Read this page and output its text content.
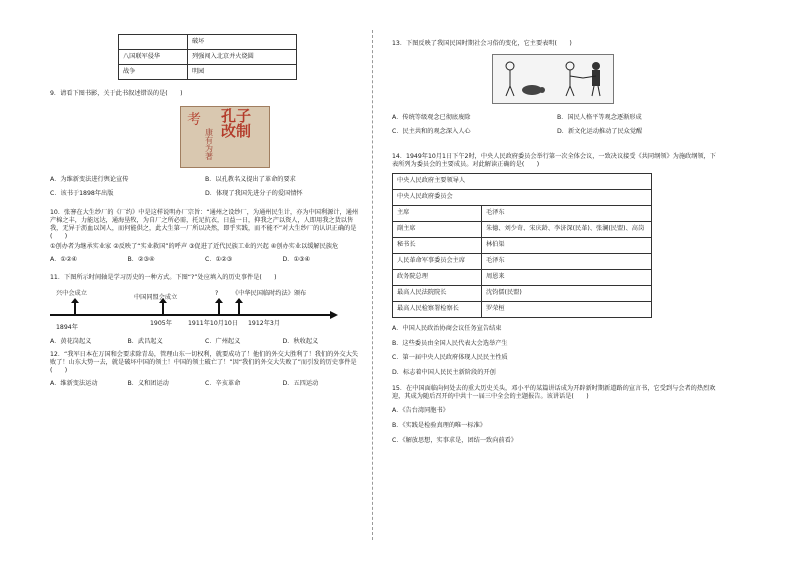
	破坏
八国联军侵华	列强闯入北京并火烧圆
战争	明园

9．请看下图书影，关于此书叙述错误的是(　　)

考
康有为著
孔子改制
A．为维新变法进行舆论宣传	B．以孔教名义提出了革命的要求
C．该书于1898年出版	D．体现了我国先进分子的爱国情怀

10．张謇在大生纱厂的《厂约》中是这样说明办厂宗旨：“通州之设纱厂，为通州民生计，亦为中国利源计，通州产棉之丰，力能远达，通海垦牧，为自厂之所必需，托足抗衣，日益一日，抑我之产以资人，人即用我之货以售我，无异于沥血以饲人，而何能供之，此大生第一厂所以决然，即乎实践，而不能不”对大生纱厂的认识正确的是(　　)

①创办者为继承实业家 ②反映了“实业救国”的呼声 ③促进了近代民族工业的兴起 ④创办实业以缓解民族危

A．①②④	B．②③④	C．①②③	D．①③④

11．下图所示时间轴是学习历史的一种方式。下图“?”处应填入的历史事件是(　　)

兴中会成立
中国同盟会成立
? 《中华民国临时约法》颁布
1894年
1905年	1911年10月10日 1912年3月
A．黄花岗起义	B．武昌起义	C．广州起义	D．秋收起义

12．“我军日本在万国和会要求除青岛，管理山东一切权利，就要成功了！他们的外交大胜利了！我们的外交大失败了！山东大势一去，就是破坏中国的领土！中国的领土破亡了！”因“我们的外交大失败了”而引发的历史事件是(　　)

A．维新变法运动	B．义和团运动	C．辛亥革命	D．五四运动

13．下图反映了我国民国时期社会习俗的变化，它主要表明(　　)

A．传统等级观念已彻底废除	B．国民人格平等观念逐渐形成
C．民主共和的观念深入人心	D．新文化运动推动了民众觉醒

14．1949年10月1日下午2时，中央人民政府委员会举行第一次全体会议，一致决议接受《共同纲领》为施政纲领，下表所列为委员会的主要成员。对此解读正确的是(　　)

中央人民政府主要领导人	
中央人民政府委员会	
主席	毛泽东
副主席	朱德、刘少奇、宋庆龄、李济深(民革)、张澜(民盟)、高岗
秘书长	林伯渠
人民革命军事委员会主席	毛泽东
政务院总理	周恩来
最高人民法院院长	沈钧儒(民盟)
最高人民检察署检察长	罗荣桓
A．中国人民政治协商会议任务宣告结束
B．这些委员由全国人民代表大会选举产生
C．第一届中央人民政府体现人民民主性质
D．标志着中国人民民主新阶段的开创

15．在中国面临向何处去的重大历史关头，邓小平的某篇讲话成为开辟新时期新道路的宣言书，它受到与会者的热烈欢迎，其成为随后召开的中共十一届三中全会的主题报告。该讲话是(　　)

A．《告台湾同胞书》
B．《实践是检验真理的唯一标准》
C．《解放思想，实事求是，团结一致向前看》
